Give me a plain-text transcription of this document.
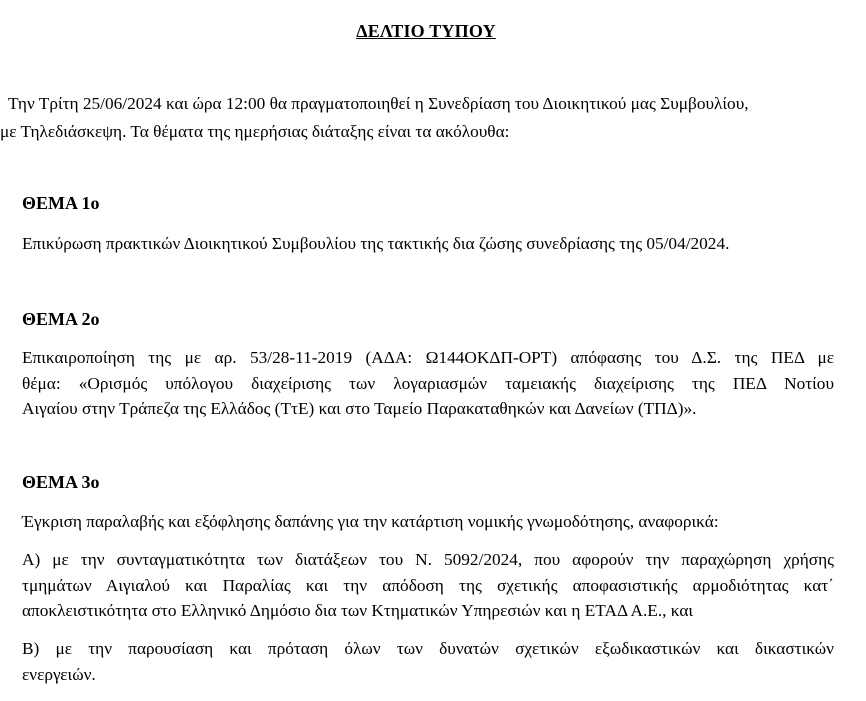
ΔΕΛΤΙΟ ΤΥΠΟΥ
Την Τρίτη 25/06/2024 και ώρα 12:00 θα πραγματοποιηθεί η Συνεδρίαση του Διοικητικού μας Συμβουλίου,
με Τηλεδιάσκεψη. Τα θέματα της ημερήσιας διάταξης είναι τα ακόλουθα:
ΘΕΜΑ 1ο
Επικύρωση πρακτικών Διοικητικού Συμβουλίου της τακτικής δια ζώσης συνεδρίασης της 05/04/2024.
ΘΕΜΑ 2ο
Επικαιροποίηση της με αρ. 53/28-11-2019 (ΑΔΑ: Ω144ΟΚΔΠ-ΟΡΤ) απόφασης του Δ.Σ. της ΠΕΔ με
θέμα: «Ορισμός υπόλογου διαχείρισης των λογαριασμών ταμειακής διαχείρισης της ΠΕΔ Νοτίου
Αιγαίου στην Τράπεζα της Ελλάδος (ΤτΕ) και στο Ταμείο Παρακαταθηκών και Δανείων (ΤΠΔ)».
ΘΕΜΑ 3ο
Έγκριση παραλαβής και εξόφλησης δαπάνης για την κατάρτιση νομικής γνωμοδότησης, αναφορικά:
Α) με την συνταγματικότητα των διατάξεων του Ν. 5092/2024, που αφορούν την παραχώρηση χρήσης
τμημάτων Αιγιαλού και Παραλίας και την απόδοση της σχετικής αποφασιστικής αρμοδιότητας κατ΄
αποκλειστικότητα στο Ελληνικό Δημόσιο δια των Κτηματικών Υπηρεσιών και η ΕΤΑΔ Α.Ε., και
Β) με την παρουσίαση και πρόταση όλων των δυνατών σχετικών εξωδικαστικών και δικαστικών
ενεργειών.
